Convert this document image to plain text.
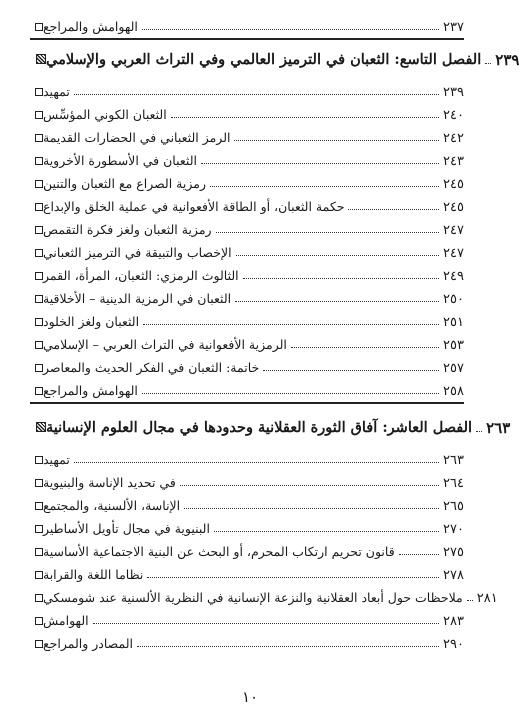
الهوامش والمراجع	٢٣٧
الفصل التاسع: الثعبان في الترميز العالمي وفي التراث العربي والإسلامي ٢٣٩
تمهيد	٢٣٩
الثعبان الكوني المؤسِّس	٢٤٠
الرمز الثعباني في الحضارات القديمة	٢٤٢
الثعبان في الأسطورة الأخروية	٢٤٣
رمزية الصراع مع الثعبان والتنين	٢٤٥
حكمة الثعبان، أو الطاقة الأفعوانية في عملية الخلق والإبداع	٢٤٥
رمزية الثعبان ولغز فكرة التقمص	٢٤٧
الإخصاب والتبيقة في الترميز الثعباني	٢٤٧
الثالوث الرمزي: الثعبان، المرأة، القمر	٢٤٩
الثعبان في الرمزية الدينية – الأخلاقية	٢٥٠
الثعبان ولغز الخلود	٢٥١
الرمزية الأفعوانية في التراث العربي – الإسلامي	٢٥٣
خاتمة: الثعبان في الفكر الحديث والمعاصر	٢٥٧
الهوامش والمراجع	٢٥٨
الفصل العاشر: آفاق الثورة العقلانية وحدودها في مجال العلوم الإنسانية ٢٦٣
تمهيد	٢٦٣
في تحديد الإناسة والبنيوية	٢٦٤
الإناسة، الألسنية، والمجتمع	٢٦٥
البنيوية في مجال تأويل الأساطير	٢٧٠
قانون تحريم ارتكاب المحرم، أو البحث عن البنية الاجتماعية الأساسية	٢٧٥
نظاما اللغة والقرابة	٢٧٨
ملاحظات حول أبعاد العقلانية والنزعة الإنسانية في النظرية الألسنية عند شومسكي ٢٨١
الهوامش	٢٨٣
المصادر والمراجع	٢٩٠
١٠
